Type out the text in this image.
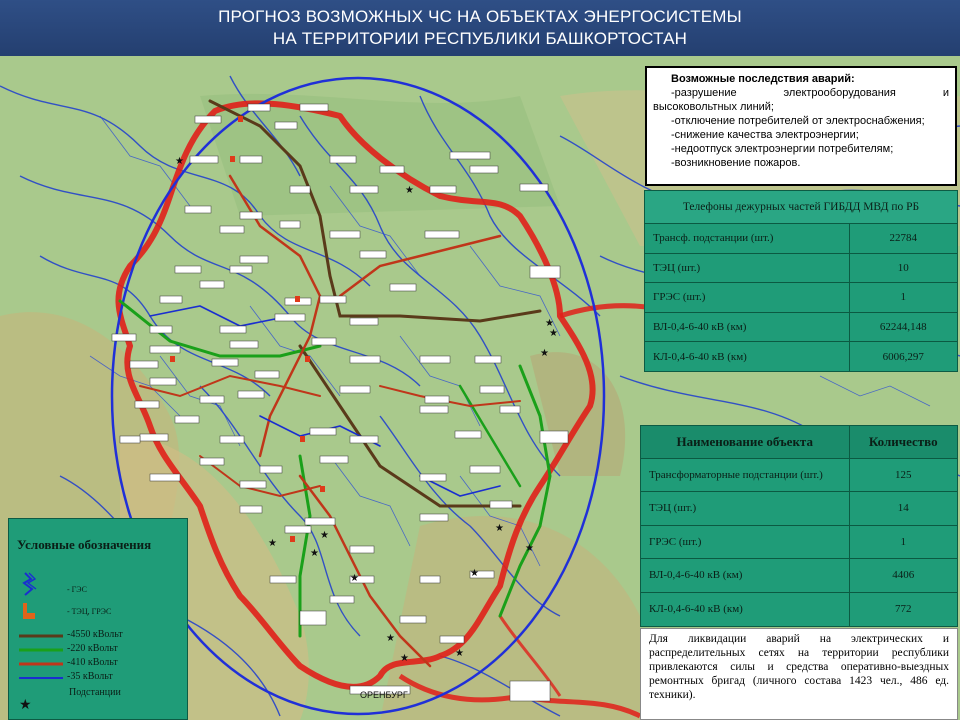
ПРОГНОЗ ВОЗМОЖНЫХ ЧС НА ОБЪЕКТАХ ЭНЕРГОСИСТЕМЫ
НА ТЕРРИТОРИИ РЕСПУБЛИКИ БАШКОРТОСТАН
★
★
★
★
★
★
★
★
★
★
★	★
★
★
★
ОРЕНБУРГ
Возможные последствия аварий:
-разрушение электрооборудования и
высоковольтных линий;
-отключение потребителей от электроснабжения;
-снижение качества электроэнергии;
-недоотпуск электроэнергии потребителям;
-возникновение пожаров.
Телефоны дежурных частей ГИБДД МВД по РБ
Трансф. подстанции (шт.)	22784
ТЭЦ (шт.)	10
ГРЭС (шт.)	1
ВЛ-0,4-6-40 кВ (км)	62244,148
КЛ-0,4-6-40 кВ (км)	6006,297
Наименование объекта	Количество
Трансформаторные подстанции (шт.)	125
ТЭЦ (шт.)	14
ГРЭС (шт.)	1
ВЛ-0,4-6-40 кВ (км)	4406
КЛ-0,4-6-40 кВ (км)	772
Для ликвидации аварий на электрических и распределительных сетях на территории республики привлекаются силы и средства оперативно-выездных ремонтных бригад (личного состава 1423 чел., 486 ед. техники).
Условные обозначения
- ГЭС
- ТЭЦ, ГРЭС
-4550 кВольт
-220 кВольт
-410 кВольт
-35 кВольт
★
Подстанции
